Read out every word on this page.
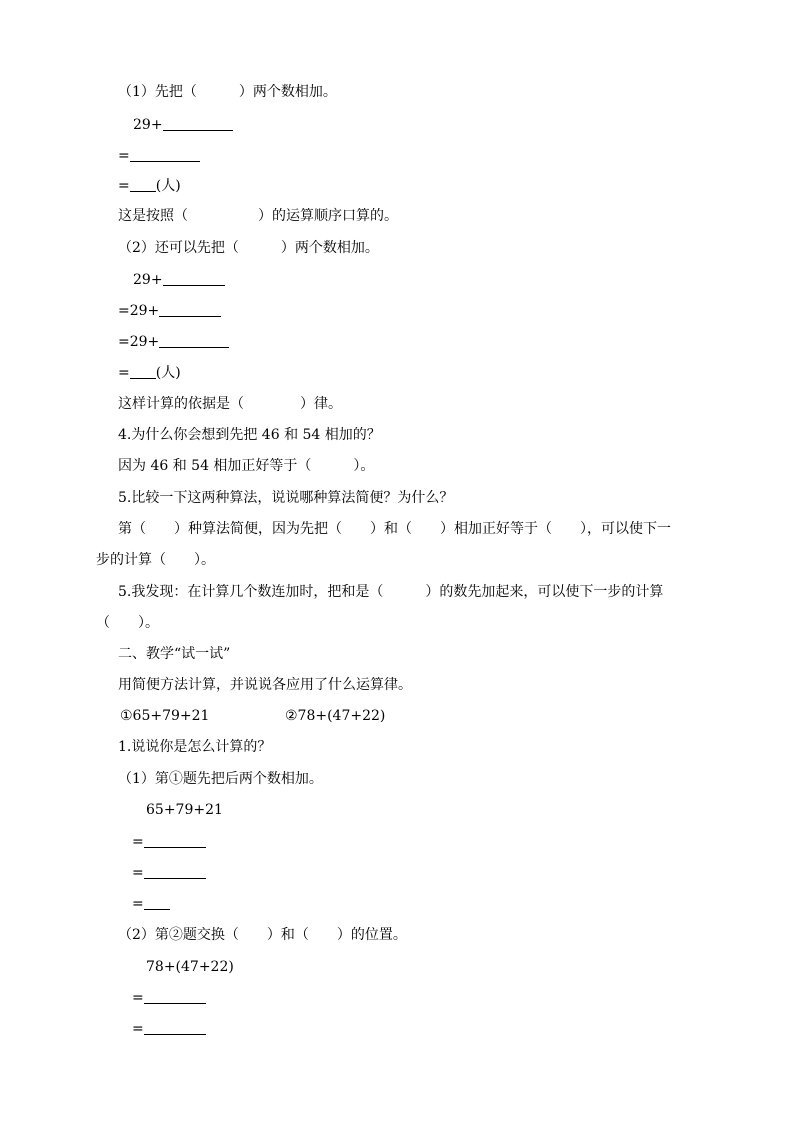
（1）先把（　　　）两个数相加。
29+
=
= (人)
这是按照（　　　　　）的运算顺序口算的。
（2）还可以先把（　　　）两个数相加。
29+
=29+
=29+
= (人)
这样计算的依据是（　　　　）律。
4.为什么你会想到先把 46 和 54 相加的？
因为 46 和 54 相加正好等于（　　　）。
5.比较一下这两种算法，说说哪种算法简便？为什么？
第（　　）种算法简便，因为先把（　　）和（　　）相加正好等于（　　），可以使下一
步的计算（　　）。
5.我发现：在计算几个数连加时，把和是（　　　）的数先加起来，可以使下一步的计算
（　　）。
二、教学“试一试”
用简便方法计算，并说说各应用了什么运算律。
①65+79+21	②78+(47+22)
1.说说你是怎么计算的？
（1）第①题先把后两个数相加。
65+79+21
=
=
=
（2）第②题交换（　　）和（　　）的位置。
78+(47+22)
=
=
